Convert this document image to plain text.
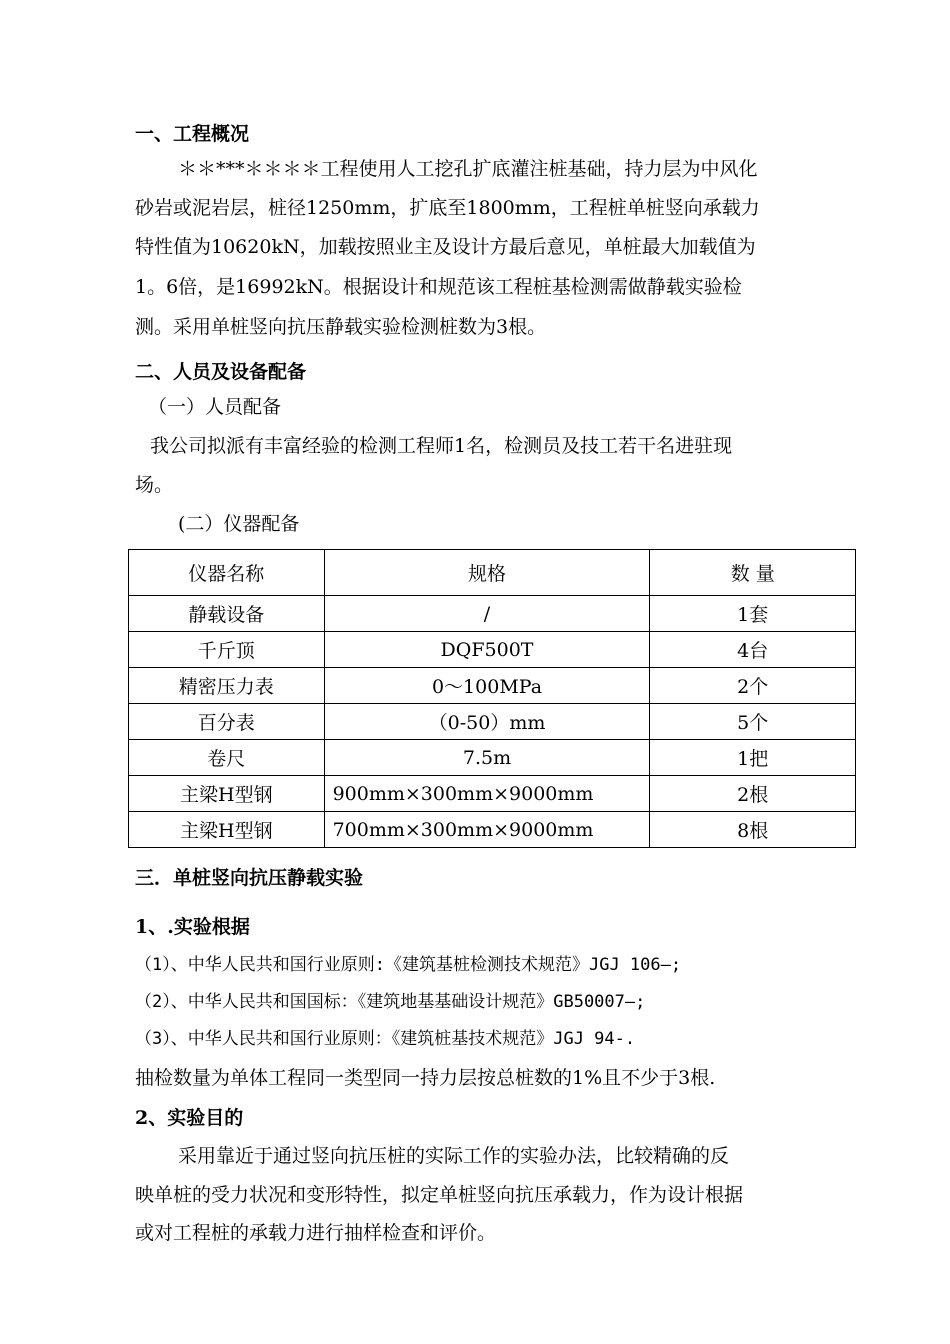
一、工程概况
＊＊***＊＊＊＊工程使用人工挖孔扩底灌注桩基础，持力层为中风化
砂岩或泥岩层，桩径1250mm，扩底至1800mm，工程桩单桩竖向承载力
特性值为10620kN，加载按照业主及设计方最后意见，单桩最大加载值为
1。6倍，是16992kN。根据设计和规范该工程桩基检测需做静载实验检
测。采用单桩竖向抗压静载实验检测桩数为3根。
二、人员及设备配备
（一）人员配备
我公司拟派有丰富经验的检测工程师1名，检测员及技工若干名进驻现
场。
(二）仪器配备
仪器名称	规格	数 量
静载设备	/	1套
千斤顶	DQF500T	4台
精密压力表	0～100MPa	2个
百分表	（0-50）mm	5个
卷尺	7.5m	1把
主梁H型钢	900mm×300mm×9000mm	2根
主梁H型钢	700mm×300mm×9000mm	8根
三．单桩竖向抗压静载实验
1、.实验根据
（1）、中华人民共和国行业原则:《建筑基桩检测技术规范》JGJ 106—;
（2）、中华人民共和国国标：《建筑地基基础设计规范》GB50007—;
（3）、中华人民共和国行业原则：《建筑桩基技术规范》JGJ 94-.
抽检数量为单体工程同一类型同一持力层按总桩数的1%且不少于3根.
2、实验目的
采用靠近于通过竖向抗压桩的实际工作的实验办法，比较精确的反
映单桩的受力状况和变形特性，拟定单桩竖向抗压承载力，作为设计根据
或对工程桩的承载力进行抽样检查和评价。
